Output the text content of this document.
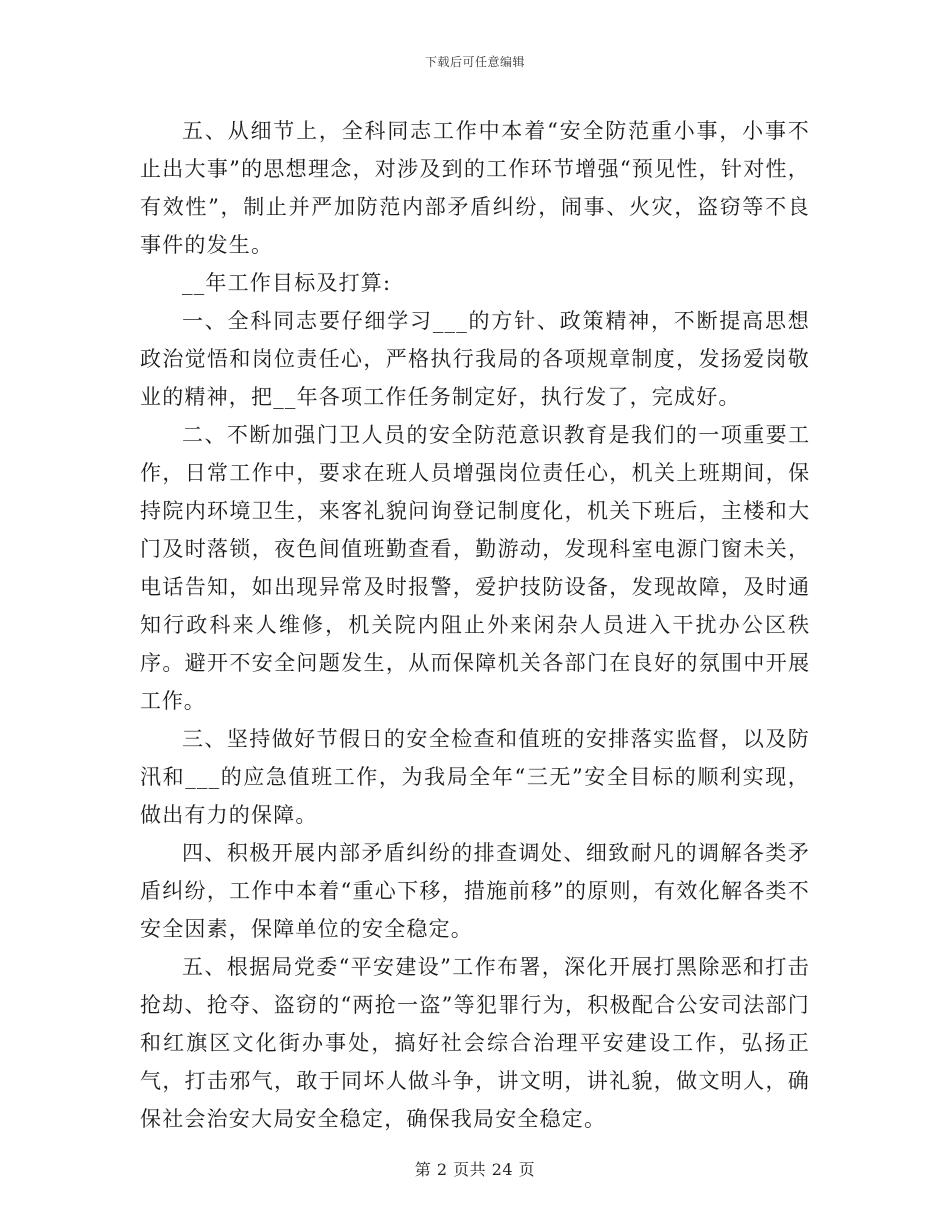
下载后可任意编辑

五、从细节上，全科同志工作中本着“安全防范重小事，小事不止出大事”的思想理念，对涉及到的工作环节增强“预见性，针对性，有效性”，制止并严加防范内部矛盾纠纷，闹事、火灾，盗窃等不良事件的发生。

__年工作目标及打算:

一、全科同志要仔细学习___的方针、政策精神，不断提高思想政治觉悟和岗位责任心，严格执行我局的各项规章制度，发扬爱岗敬业的精神，把__年各项工作任务制定好，执行发了，完成好。

二、不断加强门卫人员的安全防范意识教育是我们的一项重要工作，日常工作中，要求在班人员增强岗位责任心，机关上班期间，保持院内环境卫生，来客礼貌问询登记制度化，机关下班后，主楼和大门及时落锁，夜色间值班勤查看，勤游动，发现科室电源门窗未关，电话告知，如出现异常及时报警，爱护技防设备，发现故障，及时通知行政科来人维修，机关院内阻止外来闲杂人员进入干扰办公区秩序。避开不安全问题发生，从而保障机关各部门在良好的氛围中开展工作。

三、坚持做好节假日的安全检查和值班的安排落实监督，以及防汛和___的应急值班工作，为我局全年“三无”安全目标的顺利实现，做出有力的保障。

四、积极开展内部矛盾纠纷的排查调处、细致耐凡的调解各类矛盾纠纷，工作中本着“重心下移，措施前移”的原则，有效化解各类不安全因素，保障单位的安全稳定。

五、根据局党委“平安建设”工作布署，深化开展打黑除恶和打击抢劫、抢夺、盗窃的“两抢一盗”等犯罪行为，积极配合公安司法部门和红旗区文化街办事处，搞好社会综合治理平安建设工作，弘扬正气，打击邪气，敢于同坏人做斗争，讲文明，讲礼貌，做文明人，确保社会治安大局安全稳定，确保我局安全稳定。

第 2 页共 24 页
